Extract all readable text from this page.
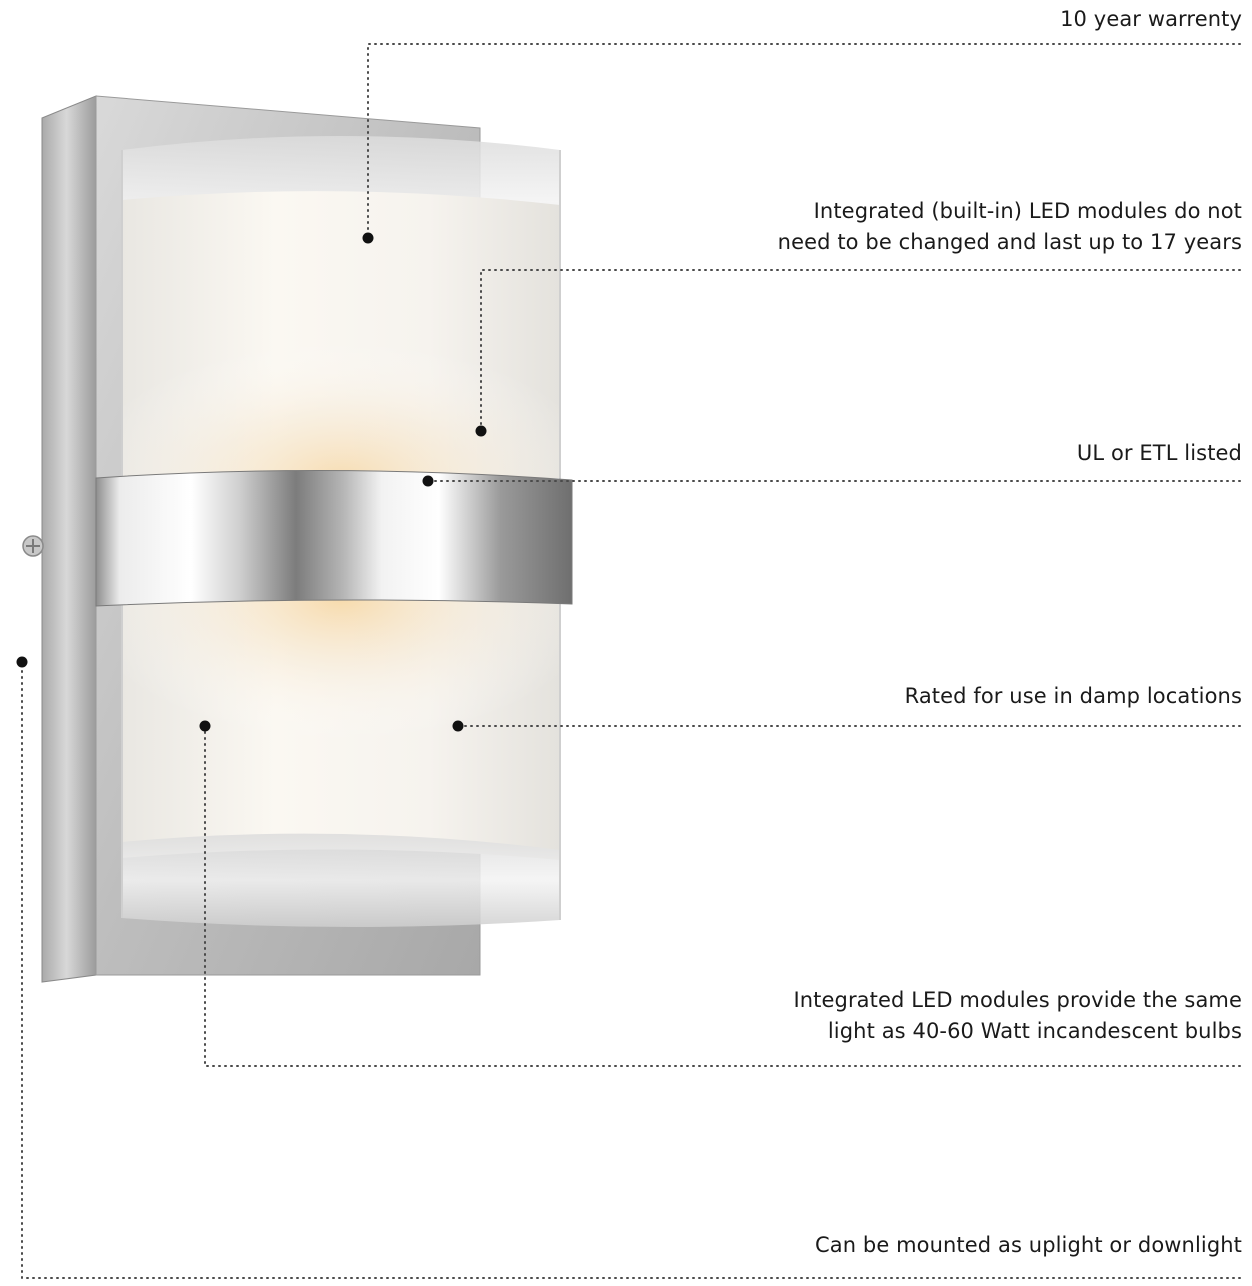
10 year warrenty
Integrated (built-in) LED modules do not
need to be changed and last up to 17 years
UL or ETL listed
Rated for use in damp locations
Integrated LED modules provide the same
light as 40-60 Watt incandescent bulbs
Can be mounted as uplight or downlight
